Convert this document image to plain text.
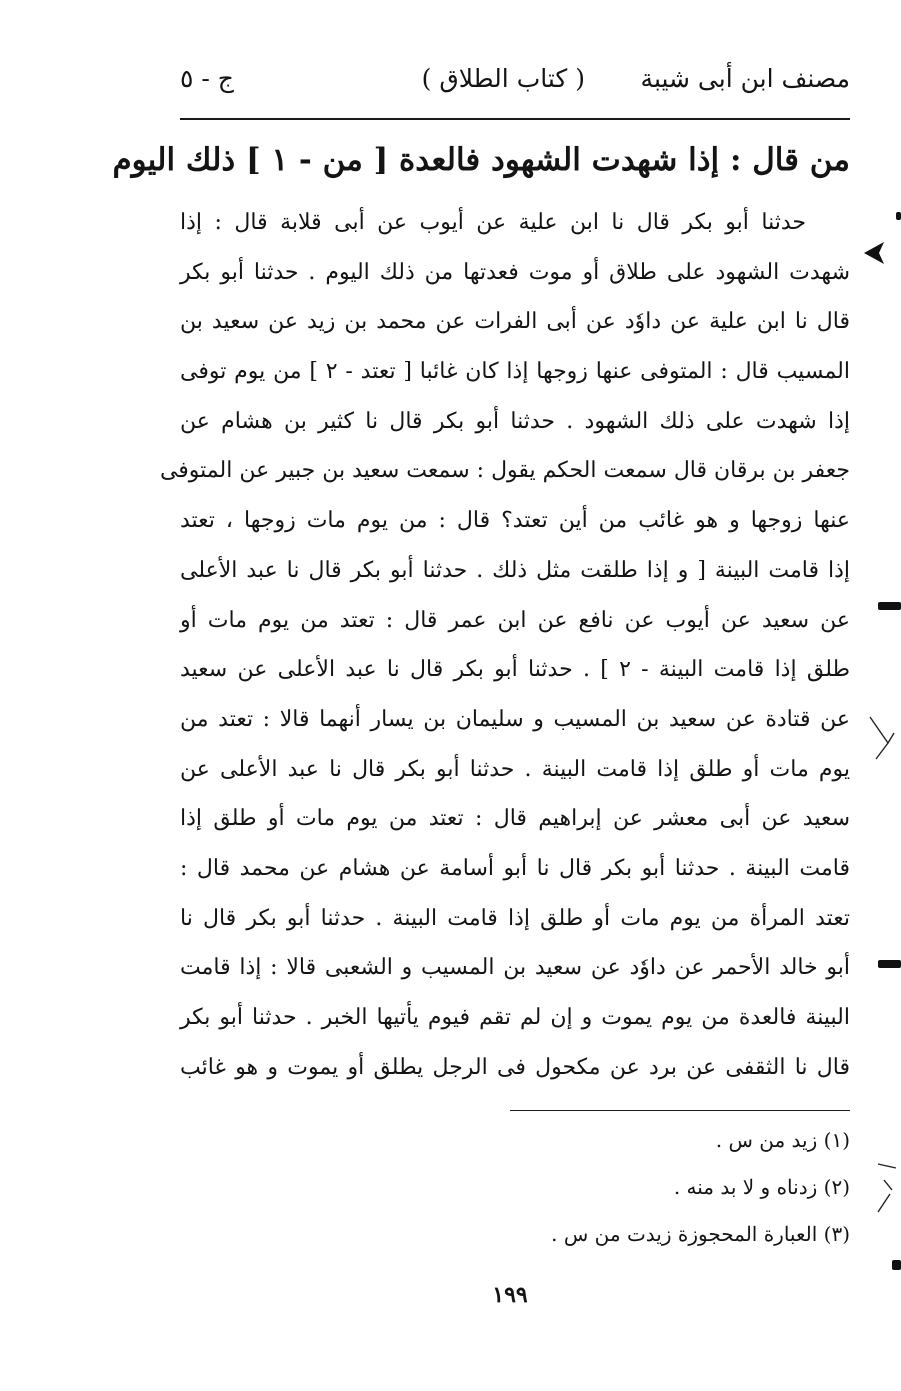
مصنف ابن أبى شيبة
( كتاب الطلاق )
ج - ٥
من قال : إذا شهدت الشهود فالعدة [ من - ١ ] ذلك اليوم
حدثنا أبو بكر قال نا ابن علية عن أيوب عن أبى قلابة قال : إذا
شهدت الشهود على طلاق أو موت فعدتها من ذلك اليوم . حدثنا أبو بكر
قال نا ابن علية عن داوٗد عن أبى الفرات عن محمد بن زيد عن سعيد بن
المسيب قال : المتوفى عنها زوجها إذا كان غائبا [ تعتد - ٢ ] من يوم توفى
إذا شهدت على ذلك الشهود . حدثنا أبو بكر قال نا كثير بن هشام عن
جعفر بن برقان قال سمعت الحكم يقول : سمعت سعيد بن جبير عن المتوفى
عنها زوجها و هو غائب من أين تعتد؟ قال : من يوم مات زوجها ، تعتد
إذا قامت البينة [ و إذا طلقت مثل ذلك . حدثنا أبو بكر قال نا عبد الأعلى
عن سعيد عن أيوب عن نافع عن ابن عمر قال : تعتد من يوم مات أو
طلق إذا قامت البينة - ٢ ] . حدثنا أبو بكر قال نا عبد الأعلى عن سعيد
عن قتادة عن سعيد بن المسيب و سليمان بن يسار أنهما قالا : تعتد من
يوم مات أو طلق إذا قامت البينة . حدثنا أبو بكر قال نا عبد الأعلى عن
سعيد عن أبى معشر عن إبراهيم قال : تعتد من يوم مات أو طلق إذا
قامت البينة . حدثنا أبو بكر قال نا أبو أسامة عن هشام عن محمد قال :
تعتد المرأة من يوم مات أو طلق إذا قامت البينة . حدثنا أبو بكر قال نا
أبو خالد الأحمر عن داوٗد عن سعيد بن المسيب و الشعبى قالا : إذا قامت
البينة فالعدة من يوم يموت و إن لم تقم فيوم يأتيها الخبر . حدثنا أبو بكر
قال نا الثقفى عن برد عن مكحول فى الرجل يطلق أو يموت و هو غائب
(١) زيد من س .
(٢) زدناه و لا بد منه .
(٣) العبارة المحجوزة زيدت من س .
١٩٩
